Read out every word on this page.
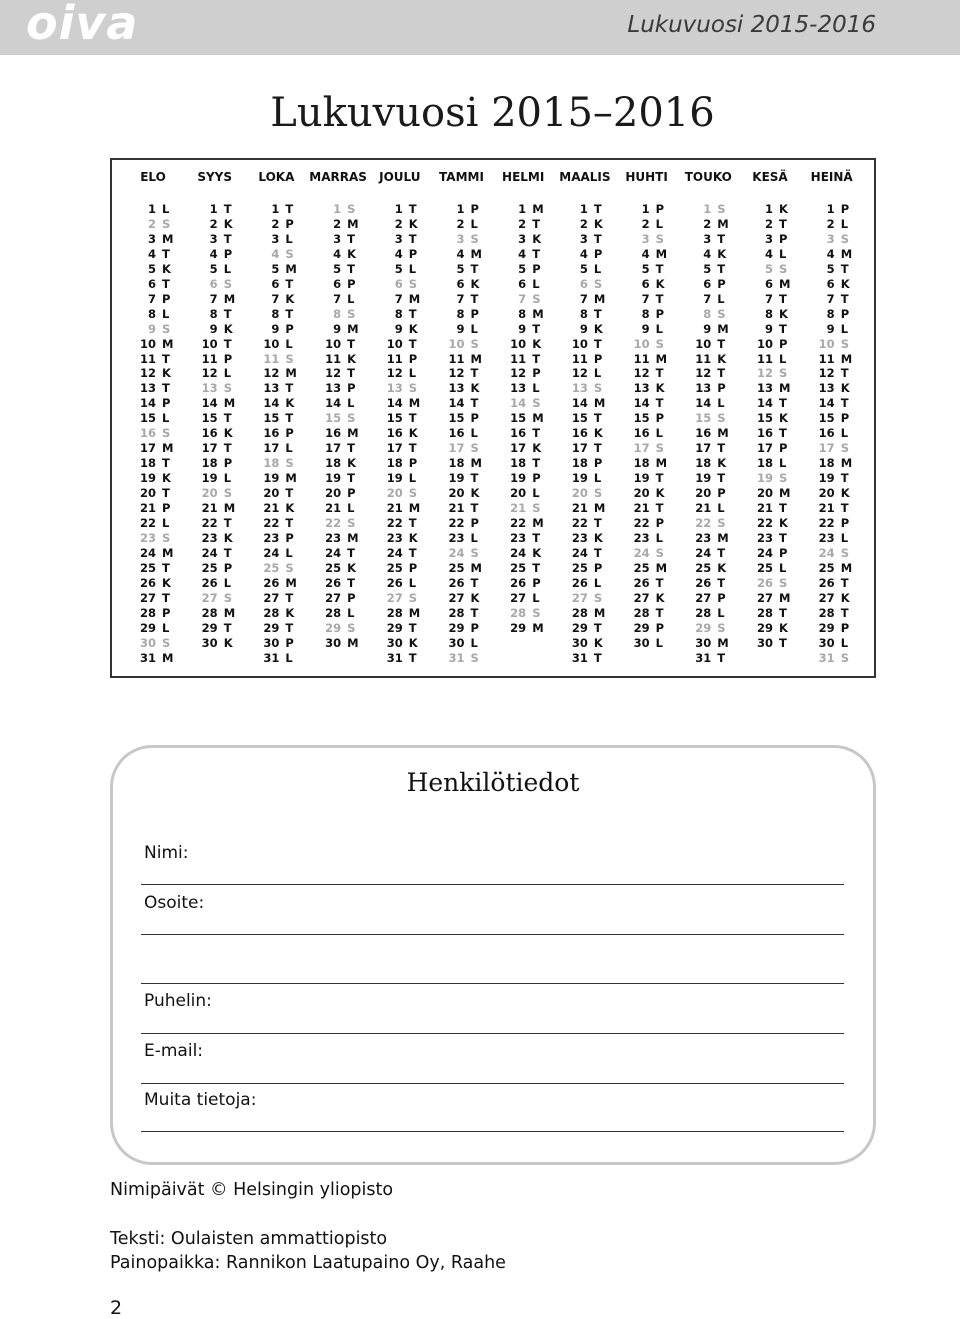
oiva	Lukuvuosi 2015-2016
Lukuvuosi 2015–2016
ELO
1 L
2 S
3 M
4 T
5 K
6 T
7 P
8 L
9 S
10 M
11 T
12 K
13 T
14 P
15 L
16 S
17 M
18 T
19 K
20 T
21 P
22 L
23 S
24 M
25 T
26 K
27 T
28 P
29 L
30 S
31 M
SYYS
1 T
2 K
3 T
4 P
5 L
6 S
7 M
8 T
9 K
10 T
11 P
12 L
13 S
14 M
15 T
16 K
17 T
18 P
19 L
20 S
21 M
22 T
23 K
24 T
25 P
26 L
27 S
28 M
29 T
30 K
LOKA
1 T
2 P
3 L
4 S
5 M
6 T
7 K
8 T
9 P
10 L
11 S
12 M
13 T
14 K
15 T
16 P
17 L
18 S
19 M
20 T
21 K
22 T
23 P
24 L
25 S
26 M
27 T
28 K
29 T
30 P
31 L
MARRAS
1 S
2 M
3 T
4 K
5 T
6 P
7 L
8 S
9 M
10 T
11 K
12 T
13 P
14 L
15 S
16 M
17 T
18 K
19 T
20 P
21 L
22 S
23 M
24 T
25 K
26 T
27 P
28 L
29 S
30 M
JOULU
1 T
2 K
3 T
4 P
5 L
6 S
7 M
8 T
9 K
10 T
11 P
12 L
13 S
14 M
15 T
16 K
17 T
18 P
19 L
20 S
21 M
22 T
23 K
24 T
25 P
26 L
27 S
28 M
29 T
30 K
31 T
TAMMI
1 P
2 L
3 S
4 M
5 T
6 K
7 T
8 P
9 L
10 S
11 M
12 T
13 K
14 T
15 P
16 L
17 S
18 M
19 T
20 K
21 T
22 P
23 L
24 S
25 M
26 T
27 K
28 T
29 P
30 L
31 S
HELMI
1 M
2 T
3 K
4 T
5 P
6 L
7 S
8 M
9 T
10 K
11 T
12 P
13 L
14 S
15 M
16 T
17 K
18 T
19 P
20 L
21 S
22 M
23 T
24 K
25 T
26 P
27 L
28 S
29 M
MAALIS
1 T
2 K
3 T
4 P
5 L
6 S
7 M
8 T
9 K
10 T
11 P
12 L
13 S
14 M
15 T
16 K
17 T
18 P
19 L
20 S
21 M
22 T
23 K
24 T
25 P
26 L
27 S
28 M
29 T
30 K
31 T
HUHTI
1 P
2 L
3 S
4 M
5 T
6 K
7 T
8 P
9 L
10 S
11 M
12 T
13 K
14 T
15 P
16 L
17 S
18 M
19 T
20 K
21 T
22 P
23 L
24 S
25 M
26 T
27 K
28 T
29 P
30 L
TOUKO
1 S
2 M
3 T
4 K
5 T
6 P
7 L
8 S
9 M
10 T
11 K
12 T
13 P
14 L
15 S
16 M
17 T
18 K
19 T
20 P
21 L
22 S
23 M
24 T
25 K
26 T
27 P
28 L
29 S
30 M
31 T
KESÄ
1 K
2 T
3 P
4 L
5 S
6 M
7 T
8 K
9 T
10 P
11 L
12 S
13 M
14 T
15 K
16 T
17 P
18 L
19 S
20 M
21 T
22 K
23 T
24 P
25 L
26 S
27 M
28 T
29 K
30 T
HEINÄ
1 P
2 L
3 S
4 M
5 T
6 K
7 T
8 P
9 L
10 S
11 M
12 T
13 K
14 T
15 P
16 L
17 S
18 M
19 T
20 K
21 T
22 P
23 L
24 S
25 M
26 T
27 K
28 T
29 P
30 L
31 S
Henkilötiedot
Nimi:
Osoite:
Puhelin:
E-mail:
Muita tietoja:
Nimipäivät © Helsingin yliopisto
Teksti: Oulaisten ammattiopisto
Painopaikka: Rannikon Laatupaino Oy, Raahe
2
